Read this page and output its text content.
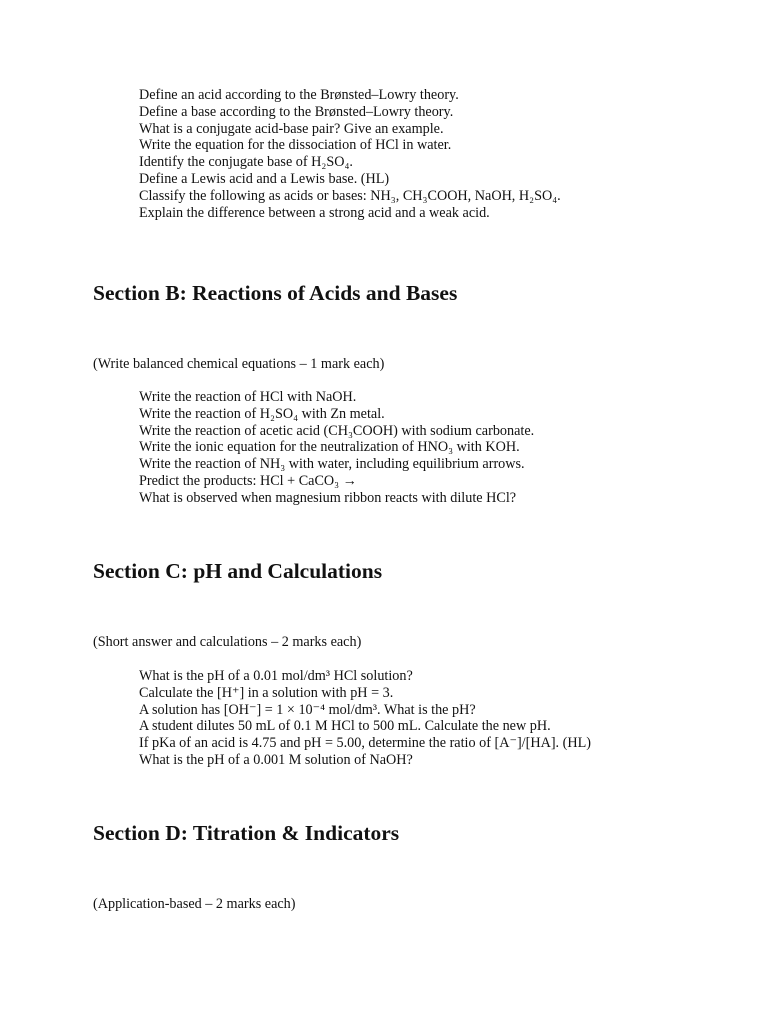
Define an acid according to the Brønsted–Lowry theory.
Define a base according to the Brønsted–Lowry theory.
What is a conjugate acid-base pair? Give an example.
Write the equation for the dissociation of HCl in water.
Identify the conjugate base of H₂SO₄.
Define a Lewis acid and a Lewis base. (HL)
Classify the following as acids or bases: NH₃, CH₃COOH, NaOH, H₂SO₄.
Explain the difference between a strong acid and a weak acid.
Section B: Reactions of Acids and Bases

(Write balanced chemical equations – 1 mark each)

Write the reaction of HCl with NaOH.
Write the reaction of H₂SO₄ with Zn metal.
Write the reaction of acetic acid (CH₃COOH) with sodium carbonate.
Write the ionic equation for the neutralization of HNO₃ with KOH.
Write the reaction of NH₃ with water, including equilibrium arrows.
Predict the products: HCl + CaCO₃ →
What is observed when magnesium ribbon reacts with dilute HCl?
Section C: pH and Calculations

(Short answer and calculations – 2 marks each)

What is the pH of a 0.01 mol/dm³ HCl solution?
Calculate the [H⁺] in a solution with pH = 3.
A solution has [OH⁻] = 1 × 10⁻⁴ mol/dm³. What is the pH?
A student dilutes 50 mL of 0.1 M HCl to 500 mL. Calculate the new pH.
If pKa of an acid is 4.75 and pH = 5.00, determine the ratio of [A⁻]/[HA]. (HL)
What is the pH of a 0.001 M solution of NaOH?
Section D: Titration & Indicators

(Application-based – 2 marks each)
